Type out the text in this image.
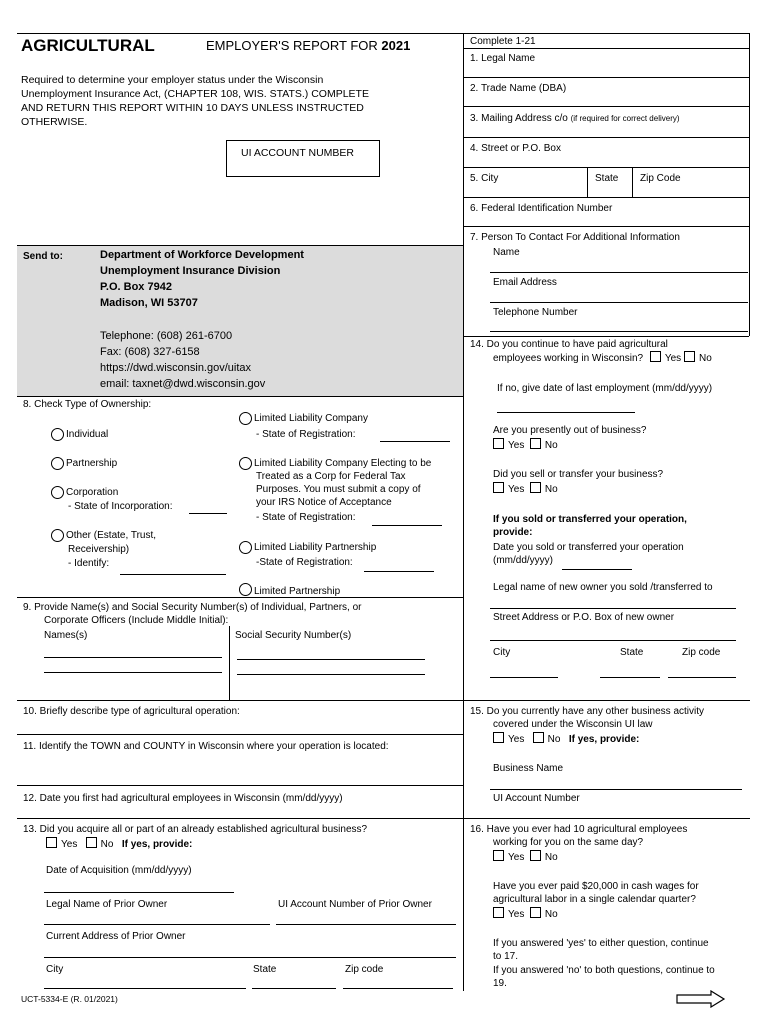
AGRICULTURAL	EMPLOYER'S REPORT FOR 2021
Required to determine your employer status under the Wisconsin
Unemployment Insurance Act, (CHAPTER 108, WIS. STATS.) COMPLETE
AND RETURN THIS REPORT WITHIN 10 DAYS UNLESS INSTRUCTED
OTHERWISE.
UI ACCOUNT NUMBER
Send to:	Department of Workforce Development
Unemployment Insurance Division
P.O. Box 7942
Madison, WI 53707
Telephone: (608) 261-6700
Fax: (608) 327-6158
https://dwd.wisconsin.gov/uitax
email: taxnet@dwd.wisconsin.gov
Complete 1-21
1. Legal Name
2. Trade Name (DBA)
3. Mailing Address c/o (if required for correct delivery)
4. Street or P.O. Box
5. City	State Zip Code
6. Federal Identification Number
7. Person To Contact For Additional Information
Name
Email Address
Telephone Number
8. Check Type of Ownership:
Individual
Partnership
Corporation
- State of Incorporation:
Other (Estate, Trust,
Receivership)
- Identify:
Limited Liability Company
- State of Registration:
Limited Liability Company Electing to be
Treated as a Corp for Federal Tax
Purposes. You must submit a copy of
your IRS Notice of Acceptance
- State of Registration:
Limited Liability Partnership
-State of Registration:
Limited Partnership
9. Provide Name(s) and Social Security Number(s) of Individual, Partners, or
Corporate Officers (Include Middle Initial):
Names(s)	Social Security Number(s)
10. Briefly describe type of agricultural operation:
11. Identify the TOWN and COUNTY in Wisconsin where your operation is located:
12. Date you first had agricultural employees in Wisconsin (mm/dd/yyyy)
13. Did you acquire all or part of an already established agricultural business?
Yes No If yes, provide:
Date of Acquisition (mm/dd/yyyy)
Legal Name of Prior Owner	UI Account Number of Prior Owner
Current Address of Prior Owner
City	State	Zip code
14. Do you continue to have paid agricultural
employees working in Wisconsin? Yes No
If no, give date of last employment (mm/dd/yyyy)
Are you presently out of business?
Yes No
Did you sell or transfer your business?
Yes No
If you sold or transferred your operation,
provide:
Date you sold or transferred your operation
(mm/dd/yyyy)
Legal name of new owner you sold /transferred to
Street Address or P.O. Box of new owner
City	State	Zip code
15. Do you currently have any other business activity
covered under the Wisconsin UI law
Yes No If yes, provide:
Business Name
UI Account Number
16. Have you ever had 10 agricultural employees
working for you on the same day?
Yes No
Have you ever paid $20,000 in cash wages for
agricultural labor in a single calendar quarter?
Yes No
If you answered 'yes' to either question, continue
to 17.
If you answered 'no' to both questions, continue to
19.
UCT-5334-E (R. 01/2021)
